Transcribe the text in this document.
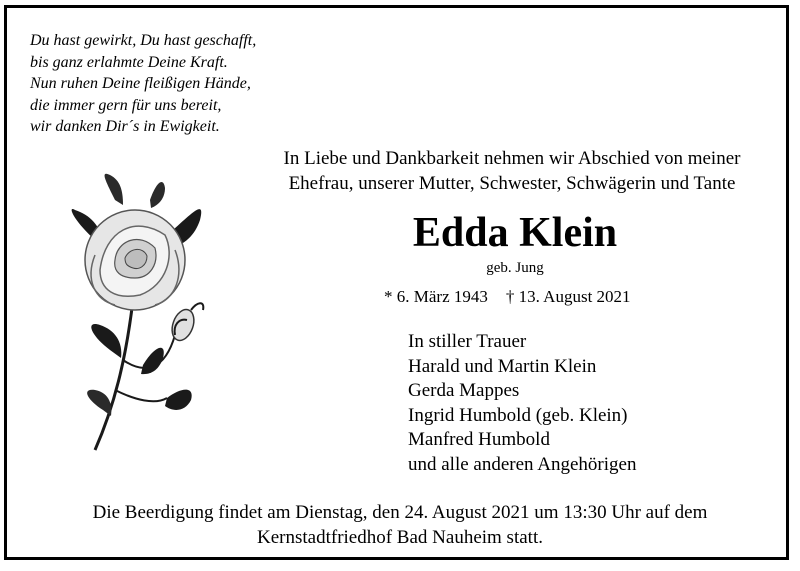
Du hast gewirkt, Du hast geschafft,
bis ganz erlahmte Deine Kraft.
Nun ruhen Deine fleißigen Hände,
die immer gern für uns bereit,
wir danken Dir´s in Ewigkeit.
In Liebe und Dankbarkeit nehmen wir Abschied von meiner
Ehefrau, unserer Mutter, Schwester, Schwägerin und Tante
Edda Klein
geb. Jung
* 6. März 1943 † 13. August 2021
In stiller Trauer
Harald und Martin Klein
Gerda Mappes
Ingrid Humbold (geb. Klein)
Manfred Humbold
und alle anderen Angehörigen
Die Beerdigung findet am Dienstag, den 24. August 2021 um 13:30 Uhr auf dem
Kernstadtfriedhof Bad Nauheim statt.
